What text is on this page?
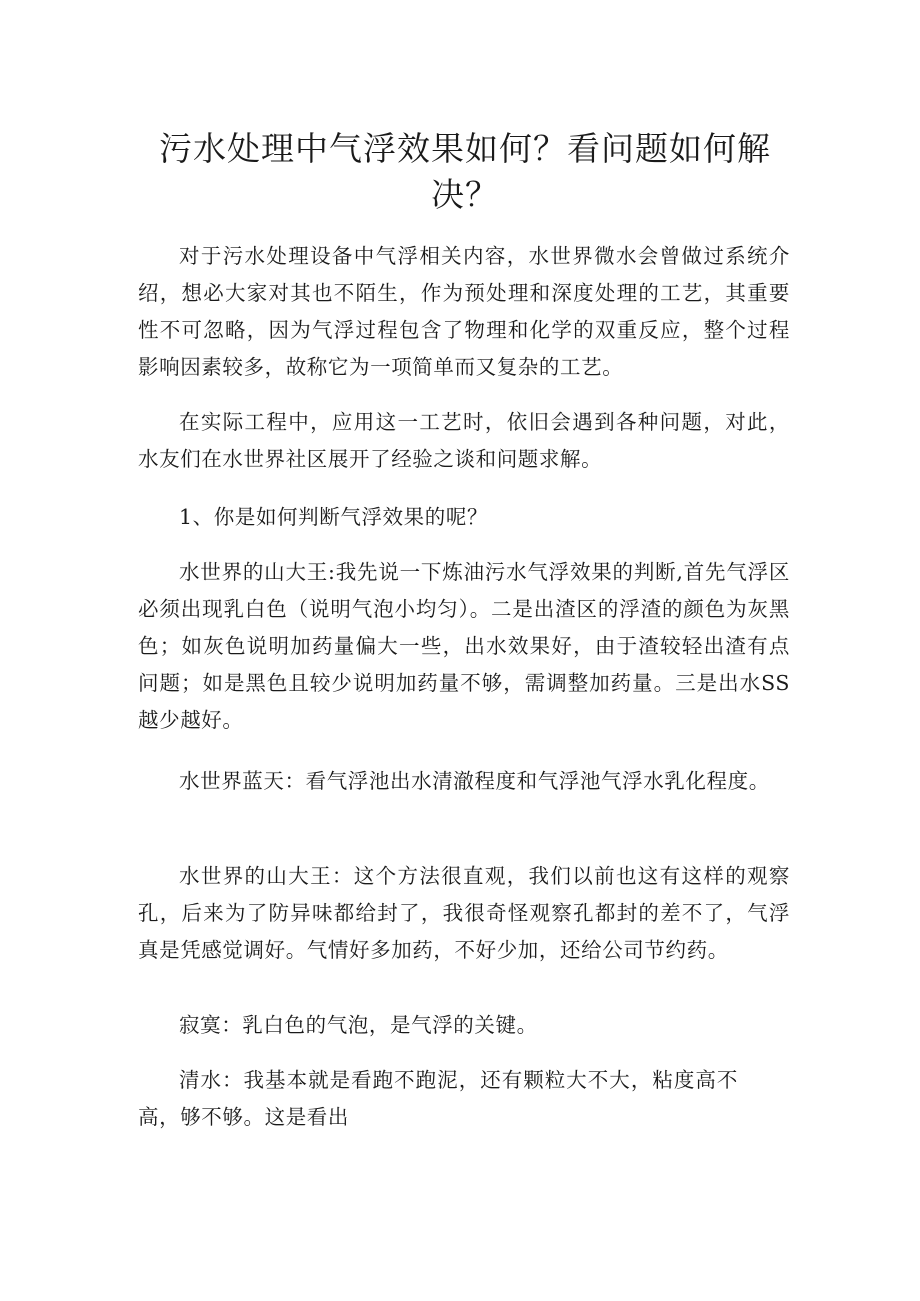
污水处理中气浮效果如何？看问题如何解决？

对于污水处理设备中气浮相关内容，水世界微水会曾做过系统介绍，想必大家对其也不陌生，作为预处理和深度处理的工艺，其重要性不可忽略，因为气浮过程包含了物理和化学的双重反应，整个过程影响因素较多，故称它为一项简单而又复杂的工艺。

在实际工程中，应用这一工艺时，依旧会遇到各种问题，对此，水友们在水世界社区展开了经验之谈和问题求解。

1、你是如何判断气浮效果的呢？

水世界的山大王:我先说一下炼油污水气浮效果的判断,首先气浮区必须出现乳白色（说明气泡小均匀）。二是出渣区的浮渣的颜色为灰黑色；如灰色说明加药量偏大一些，出水效果好，由于渣较轻出渣有点问题；如是黑色且较少说明加药量不够，需调整加药量。三是出水SS越少越好。

水世界蓝天：看气浮池出水清澈程度和气浮池气浮水乳化程度。

水世界的山大王：这个方法很直观，我们以前也这有这样的观察孔，后来为了防异味都给封了，我很奇怪观察孔都封的差不了，气浮真是凭感觉调好。气情好多加药，不好少加，还给公司节约药。

寂寞：乳白色的气泡，是气浮的关键。

清水：我基本就是看跑不跑泥，还有颗粒大不大，粘度高不高，够不够。这是看出
